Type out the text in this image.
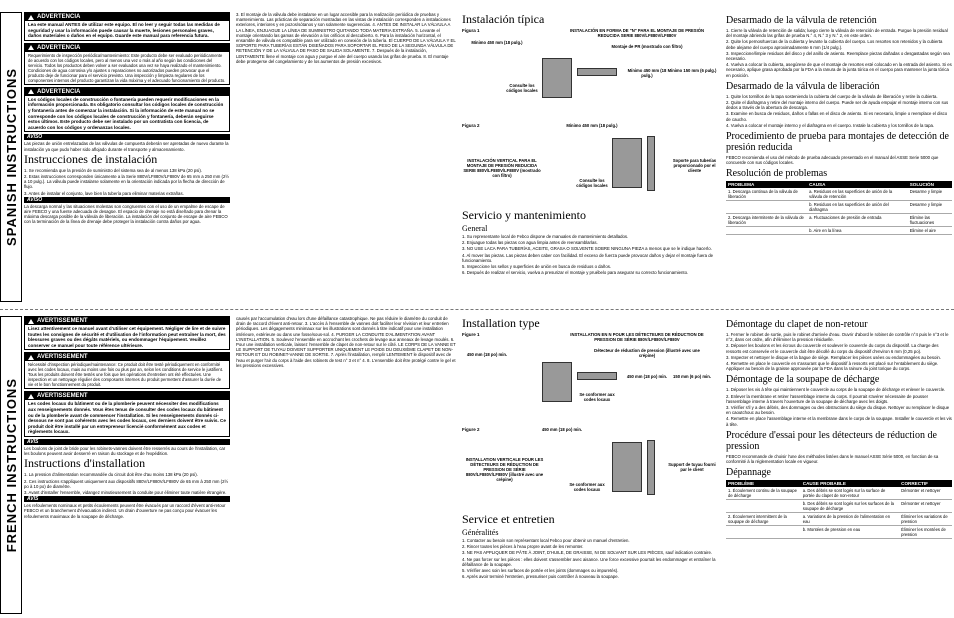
SPANISH INSTRUCTIONS
FRENCH INSTRUCTIONS
ADVERTENCIA
Lea este manual ANTES de utilizar este equipo. El no leer y seguir todas las medidas de seguridad y usar la información puede causar la muerte, lesiones personales graves, daños materiales o daños en el equipo. Guarde este manual para referencia futura.
ADVERTENCIA
Requerimiento de inspección periódica/mantenimiento: Este producto debe ser evaluado periódicamente de acuerdo con los códigos locales, pero al menos una vez o más al año según las condiciones del servicio. Todos los productos deben volver a ser evaluados una vez se haya realizado el mantenimiento. Condiciones de agua corrosiva y/o ajustes o reparaciones no autorizados pueden provocar que el producto deje de funcionar para el servicio previsto. Una inspección y limpieza regulares de los componentes internos del producto garantizan la vida máxima y el adecuado funcionamiento del producto.
ADVERTENCIA
Los códigos locales de construcción o fontanería pueden requerir modificaciones en la información proporcionada. Es obligatorio consultar los códigos locales de construcción y fontanería antes de comenzar la instalación. Si la información de este manual no se corresponde con los códigos locales de construcción y fontanería, deberán seguirse estos últimos. Este producto debe ser instalado por un contratista con licencia, de acuerdo con los códigos y ordenanzas locales.
AVISO

Las piezas de unión entrelazadas de las válvulas de compuerta deberán ser apretadas de nuevo durante la instalación ya que pudo haber sido aflojado durante el transporte y almacenamiento.

Instrucciones de instalación
1. Se recomienda que la presión de suministro del sistema sea de al menos 138 kPa (20 psi).
2. Estas instrucciones corresponden únicamente a la Serie 880V/LF880V/LF880V de 65 mm a 250 mm (2½ a 10 pulg.). La válvula puede instalarse solamente en la orientación indicada por la flecha de dirección de flujo.
3. Antes de instalar el conjunto, lave bien la tubería para eliminar materias extrañas.
AVISO

La descarga normal y las situaciones molestas son congruentes con el uso de un empalme de escape de aire FEBCO y una fuente adecuada de desagüe. El espacio de drenaje no está diseñado para drenar la máxima descarga posible de la válvula de liberación. La instalación del conjunto de escape de aire FEBCO con la terminación de la línea de drenaje debe proteger la instalación contra daños por agua.

3. El montaje de la válvula debe instalarse en un lugar accesible para la realización periódica de pruebas y mantenimiento. Las prácticas de separación mostradas en las vistas de instalación corresponden a instalaciones exteriores, interiores y en pozos/sótanos y son solamente sugerencias. 4. ANTES DE INSTALAR LA VÁLVULA A LA LÍNEA, ENJUAGUE LA LÍNEA DE SUMINISTRO QUITANDO TODA MATERIA EXTRAÑA. 5. Levante el montaje orientando las gamas de elevación a los orificios al descubierto. 6. Para la instalación horizontal, el ensamble de válvula es compatible para ser utilizado en conexión de la tubería. El CUERPO DE LA VÁLVULA Y EL SOPORTE PARA TUBERÍAS ESTÁN DISEÑADOS PARA SOPORTAR EL PESO DE LA SEGUNDA VÁLVULA DE RETENCIÓN Y DE LA VÁLVULA DE PASO DE SALIDA SOLAMENTE. 7. Después de la instalación, LENTAMENTE llene el montaje con agua y purgue el aire del cuerpo usando las grifas de prueba. 8. El montaje debe protegerse del congelamiento y de los aumentos de presión excesivos.

Instalación típica
Figura 1	INSTALACIÓN EN FORMA DE "N" PARA EL MONTAJE DE PRESIÓN REDUCIDA SERIE 880V/LF880V/LF880V
Montaje de PR (mostrado con filtro)
Mínimo 450 mm (18 pulg.)
Mínimo 450 mm (18 pulg.)
Mínimo 150 mm (6 pulg.)
Consulte los códigos locales
Figura 2
INSTALACIÓN VERTICAL PARA EL MONTAJE DE PRESIÓN REDUCIDA SERIE 880V/LF880V/LF880V (mostrado con filtro)
Mínimo 450 mm (18 pulg.)
Consulte los códigos locales
Soporte para tuberías proporcionado por el cliente
Servicio y mantenimiento
General
1. Su representante local de Febco dispone de manuales de mantenimiento detallados.
2. Enjuague todas las piezas con agua limpia antes de reensamblarlas.
3. NO USE LACA PARA TUBERÍAS, ACEITE, GRASA O SOLVENTE SOBRE NINGUNA PIEZA a menos que se le indique hacerlo.
4. Al mover las piezas. Las piezas deben caber con facilidad. El exceso de fuerza puede provocar daños y dejar el montaje fuera de funcionamiento.
5. Inspeccione los sellos y superficies de unión en busca de residuos o daños.
6. Después de realizar el servicio, vuelva a presurizar el montaje y pruébelo para asegurar su correcto funcionamiento.
Desarmado de la válvula de retención
1. Cierre la válvula de retención de salida; luego cierre la válvula de retención de entrada. Purgue la presión residual del montaje abriendo las grifas de prueba N.° 4, N.° 3 y N.° 2, en este orden.
2. Quite los pernos/tuercas de la cubierta y levante la cubierta del cuerpo. Los resortes son retenidos y la cubierta debe alejarse del cuerpo aproximadamente 6 mm (1/4 pulg.).
3. Inspeccione/limpie residuos del disco y del anillo de asiento. Reemplace piezas dañadas o desgastadas según sea necesario.
4. Vuelva a colocar la cubierta, asegúrese de que el montaje de resortes esté colocado en la entrada del asiento. Si es necesario, aplique grasa aprobada por la FDA a la ranura de la junta tórica en el cuerpo para mantener la junta tórica en posición.
Desarmado de la válvula de liberación
1. Quite los tornillos de la tapa sosteniendo la cubierta del cuerpo de la válvula de liberación y retire la cubierta.
2. Quite el diafragma y retire del montaje interno del cuerpo. Puede ser de ayuda empujar el montaje interno con sus dedos a través de la abertura de descarga.
3. Examine en busca de residuos, daños o fallas en el disco de asiento. Si es necesario, limpie o reemplace el disco de caucho.
4. Vuelva a colocar el montaje interno y el diafragma en el cuerpo. Instale la cubierta y los tornillos de la tapa.
Procedimiento de prueba para montajes de detección de presión reducida

FEBCO recomienda el uso del método de prueba adecuado presentado en el manual del ASSE Serie 5000 que concuerde con sus códigos locales.

Resolución de problemas
PROBLEMA	CAUSA	SOLUCIÓN
1. Descarga continua de la válvula de liberación	a. Residuos en las superficies de unión de la válvula de retención	Desarme y limpie
	b. Residuos en las superficies de unión del diafragma	Desarme y limpie
2. Descarga intermitente de la válvula de liberación	a. Fluctuaciones de presión de entrada	Elimine las fluctuaciones
	b. Aire en la línea	Elimine el aire
AVERTISSEMENT
Lisez attentivement ce manuel avant d'utiliser cet équipement. Négliger de lire et de suivre toutes les consignes de sécurité et d'utilisation de l'information peut entraîner la mort, des blessures graves ou des dégâts matériels, ou endommager l'équipement. Veuillez conserver ce manuel pour toute référence ultérieure.
AVERTISSEMENT
Nécessité d'inspection périodique/maintenance: Ce produit doit être testé périodiquement en conformité avec les codes locaux, mais au moins une fois ou plus par an, selon les conditions de service le justifient. Tous les produits doivent être testés une fois que les opérations d'entretien ont été effectuées. Une inspection et un nettoyage régulier des composants internes du produit permettent d'assurer la durée de vie et le bon fonctionnement du produit.
AVERTISSEMENT
Les codes locaux du bâtiment ou de la plomberie peuvent nécessiter des modifications aux renseignements donnés. Vous êtes tenus de consulter des codes locaux du bâtiment ou de la plomberie avant de commencer l'installation. Si les renseignements donnés ci-dessous ne sont pas cohérents avec les codes locaux, ces derniers doivent être suivis. Ce produit doit être installé par un entrepreneur licencié conformément aux codes et règlements locaux.
AVIS

Les boulons de joint de bride pour les robinets-vannes doivent être resserrés au cours de l'installation, car les boulons peuvent avoir desserré en raison du stockage et de l'expédition.

Instructions d'installation
1. La pression d'alimentation recommandée du circuit doit être d'au moins 138 kPa (20 psi).
2. Ces instructions s'appliquent uniquement aux dispositifs 880V/LF880V/LF880V de 65 mm à 250 mm (2½ po à 10 po) de diamètre.
3. Avant d'installer l'ensemble, vidangez minutieusement la conduite pour éliminer toute matière étrangère.
AVIS

Les refoulements nominaux et petits écoulements peuvent être évacués par un raccord d'évent anti-retour FEBCO et un branchement d'évacuation indirect. Un drain d'ouverture ne pas conçu pour évacuer les refoulements maximaux de la soupape de décharge.

causés par l'accumulation d'eau lors d'une défaillance catastrophique. Ne pas réduire le diamètre du conduit de drain de raccord d'évent anti-retour. 3. L'accès à l'ensemble de vannes doit faciliter leur révision et leur entretien périodiques. Les dégagements minimaux sur les illustrations sont donnés à titre indicatif pour une installation intérieure, extérieure ou dans une fosse/sous-sol. 4. PURGER LA CONDUITE D'ALIMENTATION AVANT L'INSTALLATION. 5. Soulevez l'ensemble en accrochant les crochets de levage aux anneaux de levage moulés. 6. Pour une installation verticale, laissez l'ensemble de clapet de non-retour sur le côté. LE CORPS DE LA VANNE ET LE SUPPORT DE TUYAU DOIVENT SUPPORTER UNIQUEMENT LE POIDS DU DEUXIÈME CLAPET DE NON-RETOUR ET DU ROBINET-VANNE DE SORTIE. 7. Après l'installation, remplir LENTEMENT le dispositif avec de l'eau et purger l'air du corps à l'aide des robinets de test n° 3 et n° 4. 8. L'ensemble doit être protégé contre le gel et les pressions excessives.

Installation type
Figure 1	INSTALLATION EN N POUR LES DÉTECTEURS DE RÉDUCTION DE PRESSION DE SÉRIE 880V/LF880V/LF880V
Détecteur de réduction de pression (illustré avec une crépine)
450 mm (18 po) min.
450 mm (18 po) min.	150 mm (6 po) min.
Se conformer aux codes locaux
Figure 2
INSTALLATION VERTICALE POUR LES DÉTECTEURS DE RÉDUCTION DE PRESSION DE SÉRIE 880V/LF880V/LF880V (illustré avec une crépine)
450 mm (18 po) min.
Se conformer aux codes locaux
Support de tuyau fourni par le client
Service et entretien
Généralités
1. Contacter au besoin son représentant local Febco pour obtenir un manuel d'entretien.
2. Rincer toutes les pièces à l'eau propre avant de les remonter.
3. NE PAS APPLIQUER DE PÂTE À JOINT, D'HUILE, DE GRAISSE, NI DE SOLVANT SUR LES PIÈCES, sauf indication contraire.
4. Ne pas forcer sur les pièces : elles doivent s'assembler avec aisance. Une force excessive pourrait les endommager et entraîner la défaillance de la soupape.
5. Vérifier avec soin les surfaces de portée et les joints (dommages ou impuretés).
6. Après avoir terminé l'entretien, pressuriser puis contrôler à nouveau la soupape.
Démontage du clapet de non-retour
1. Fermer le robinet de sortie, puis le robinet d'arrivée d'eau. Ouvrir d'abord le robinet de contrôle n°4 puis le n°3 et le n°2, dans cet ordre, afin d'éliminer la pression résiduelle.
2. Déposer les boulons et les écrous du couvercle et soulever le couvercle du corps du dispositif. La charge des ressorts est conservée et le couvercle doit être décollé du corps du dispositif d'environ 6 mm (0,25 po).
3. Inspecter et nettoyer le disque et la bague de siège. Remplacer les pièces usées ou endommagées au besoin.
4. Remettre en place le couvercle en s'assurant que le dispositif à ressorts est placé sur l'entablement du siège. Appliquer au besoin de la graisse approuvée par la FDA dans la rainure du joint torique du corps.
Démontage de la soupape de décharge
1. Déposer les vis à tête qui maintiennent le couvercle au corps de la soupape de décharge et enlever le couvercle.
2. Enlever la membrane et retirer l'assemblage interne du corps. Il pourrait s'avérer nécessaire de pousser l'assemblage interne à travers l'ouverture de la soupape de décharge avec les doigts.
3. Vérifier s'il y a des débris, des dommages ou des obstructions du siège du disque. Nettoyer ou remplacer le disque en caoutchouc au besoin.
4. Remettre en place l'assemblage interne et la membrane dans le corps de la soupape. Installer le couvercle et les vis à tête.
Procédure d'essai pour les détecteurs de réduction de pression

FEBCO recommande de choisir l'une des méthodes listées dans le manuel ASSE Série 5000, en fonction de sa conformité à la réglementation locale en vigueur.

Dépannage
PROBLÈME	CAUSE PROBABLE	CORRECTIF
1. Écoulement continu de la soupape de décharge	a. Des débris se sont logés sur la surface de portée du clapet de non-retour	Démonter et nettoyer
	b. Des débris se sont logés sur les surfaces de la soupape de décharge	Démonter et nettoyer
2. Écoulement intermittent de la soupape de décharge	a. Variations de la pression de l'alimentation en eau	Éliminer les variations de pression
	b. Montées de pression en eau	Éliminer les montées de pression
